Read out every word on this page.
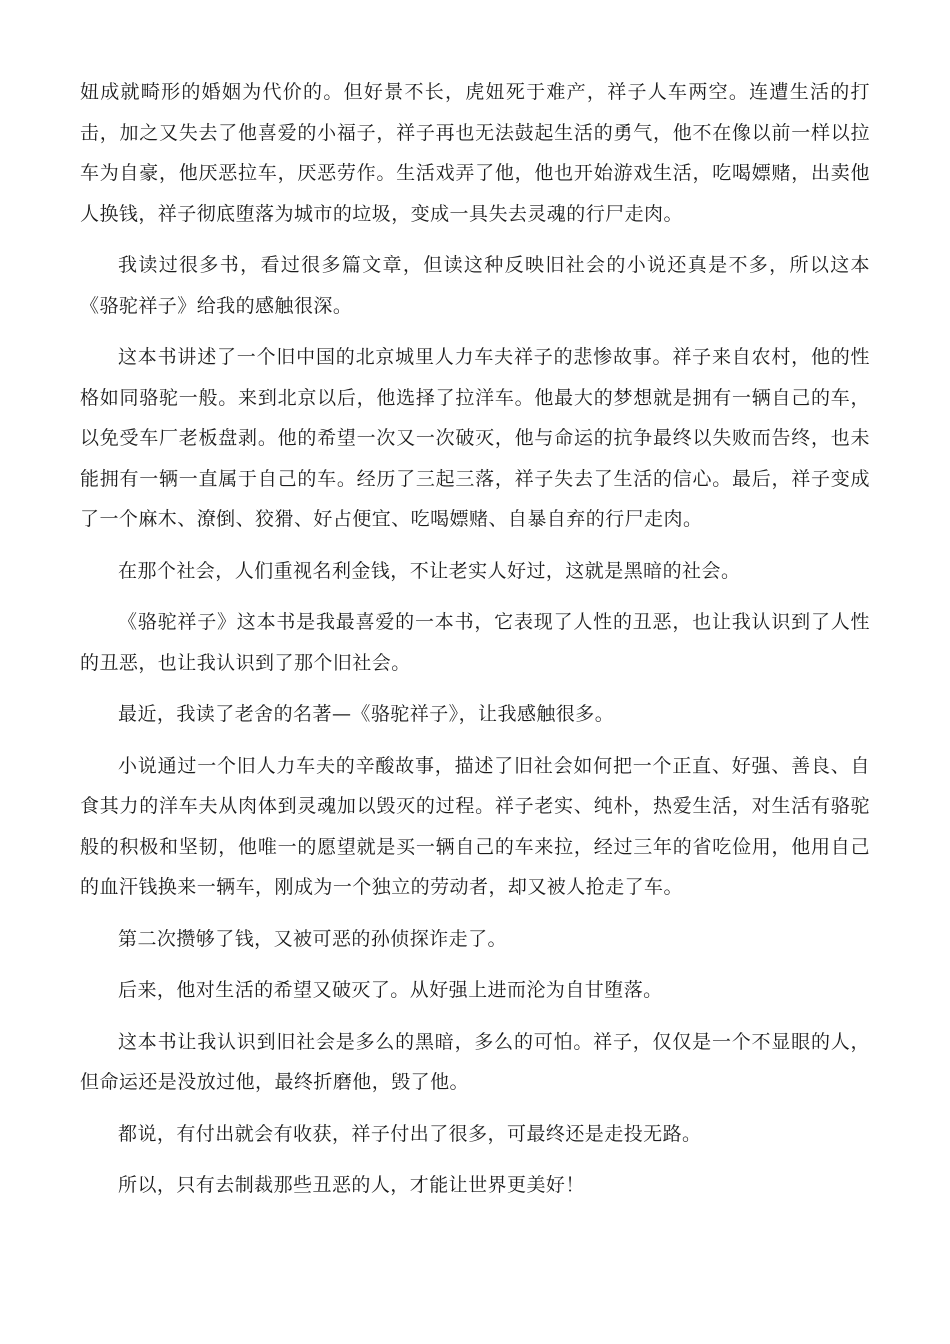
妞成就畸形的婚姻为代价的。但好景不长，虎妞死于难产，祥子人车两空。连遭生活的打击，加之又失去了他喜爱的小福子，祥子再也无法鼓起生活的勇气，他不在像以前一样以拉车为自豪，他厌恶拉车，厌恶劳作。生活戏弄了他，他也开始游戏生活，吃喝嫖赌，出卖他人换钱，祥子彻底堕落为城市的垃圾，变成一具失去灵魂的行尸走肉。

我读过很多书，看过很多篇文章，但读这种反映旧社会的小说还真是不多，所以这本《骆驼祥子》给我的感触很深。

这本书讲述了一个旧中国的北京城里人力车夫祥子的悲惨故事。祥子来自农村，他的性格如同骆驼一般。来到北京以后，他选择了拉洋车。他最大的梦想就是拥有一辆自己的车，以免受车厂老板盘剥。他的希望一次又一次破灭，他与命运的抗争最终以失败而告终，也未能拥有一辆一直属于自己的车。经历了三起三落，祥子失去了生活的信心。最后，祥子变成了一个麻木、潦倒、狡猾、好占便宜、吃喝嫖赌、自暴自弃的行尸走肉。

在那个社会，人们重视名利金钱，不让老实人好过，这就是黑暗的社会。

《骆驼祥子》这本书是我最喜爱的一本书，它表现了人性的丑恶，也让我认识到了人性的丑恶，也让我认识到了那个旧社会。

最近，我读了老舍的名著—《骆驼祥子》，让我感触很多。

小说通过一个旧人力车夫的辛酸故事，描述了旧社会如何把一个正直、好强、善良、自食其力的洋车夫从肉体到灵魂加以毁灭的过程。祥子老实、纯朴，热爱生活，对生活有骆驼般的积极和坚韧，他唯一的愿望就是买一辆自己的车来拉，经过三年的省吃俭用，他用自己的血汗钱换来一辆车，刚成为一个独立的劳动者，却又被人抢走了车。

第二次攒够了钱，又被可恶的孙侦探诈走了。

后来，他对生活的希望又破灭了。从好强上进而沦为自甘堕落。

这本书让我认识到旧社会是多么的黑暗，多么的可怕。祥子，仅仅是一个不显眼的人，但命运还是没放过他，最终折磨他，毁了他。

都说，有付出就会有收获，祥子付出了很多，可最终还是走投无路。

所以，只有去制裁那些丑恶的人，才能让世界更美好！
